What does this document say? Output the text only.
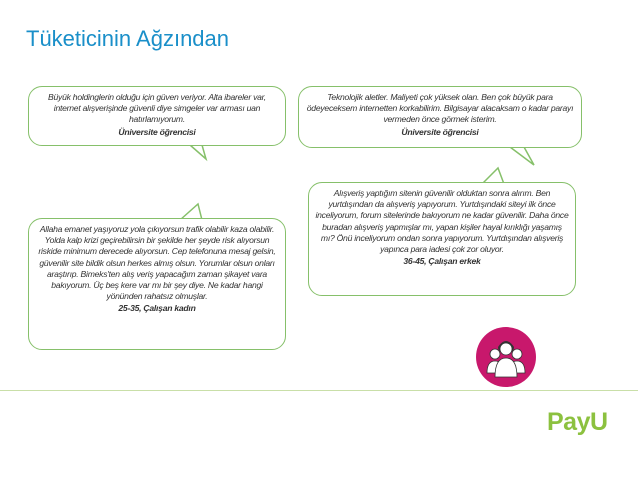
Tüketicinin Ağzından
Büyük holdinglerin olduğu için güven veriyor. Alta ibareler var, internet alışverişinde güvenli diye simgeler var arması uan hatırlamıyorum.
Üniversite öğrencisi
Teknolojik aletler. Maliyeti çok yüksek olan. Ben çok büyük para ödeyeceksem internetten korkabilirim. Bilgisayar alacaksam o kadar parayı vermeden önce görmek isterim.
Üniversite öğrencisi
Alışveriş yaptığım sitenin güvenilir olduktan sonra alırım. Ben yurtdışından da alışveriş yapıyorum. Yurtdışındaki siteyi ilk önce inceliyorum, forum sitelerinde bakıyorum ne kadar güvenilir. Daha önce buradan alışveriş yapmışlar mı, yapan kişiler hayal kırıklığı yaşamış mı? Önü inceliyorum ondan sonra yapıyorum. Yurtdışından alışveriş yapınca para iadesi çok zor oluyor.
36-45, Çalışan erkek
Allaha emanet yaşıyoruz yola çıkıyorsun trafik olabilir kaza olabilir. Yolda kalp krizi geçirebilirsin bir şekilde her şeyde risk alıyorsun riskide minimum derecede alıyorsun. Cep telefonuna mesaj gelsin, güvenilir site bildik olsun herkes almış olsun. Yorumlar olsun onları araştırıp. Bimeks'ten alış veriş yapacağım zaman şikayet vara bakıyorum. Üç beş kere var mı bir şey diye. Ne kadar hangi yönünden rahatsız olmuşlar.
25-35, Çalışan kadın
PayU
